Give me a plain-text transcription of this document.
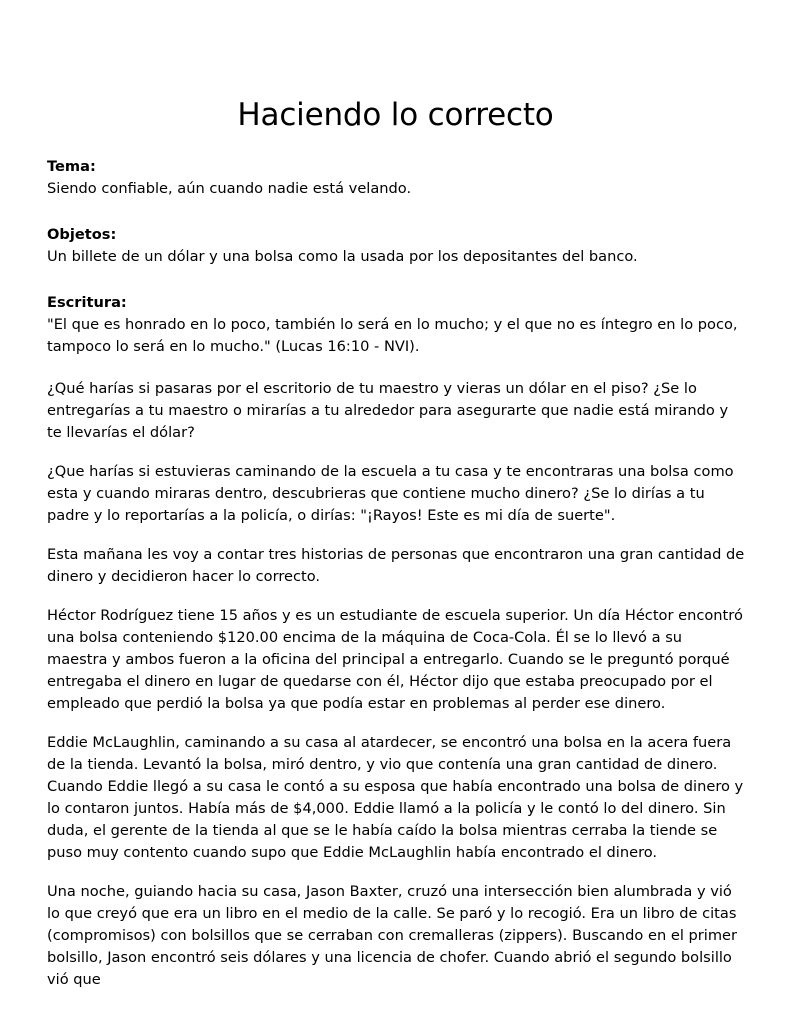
Haciendo lo correcto
Tema:
Siendo confiable, aún cuando nadie está velando.
Objetos:
Un billete de un dólar y una bolsa como la usada por los depositantes del banco.
Escritura:
"El que es honrado en lo poco, también lo será en lo mucho; y el que no es íntegro en lo poco, tampoco lo será en lo mucho." (Lucas 16:10 - NVI).

¿Qué harías si pasaras por el escritorio de tu maestro y vieras un dólar en el piso? ¿Se lo entregarías a tu maestro o mirarías a tu alrededor para asegurarte que nadie está mirando y te llevarías el dólar?

¿Que harías si estuvieras caminando de la escuela a tu casa y te encontraras una bolsa como esta y cuando miraras dentro, descubrieras que contiene mucho dinero? ¿Se lo dirías a tu padre y lo reportarías a la policía, o dirías: "¡Rayos! Este es mi día de suerte".

Esta mañana les voy a contar tres historias de personas que encontraron una gran cantidad de dinero y decidieron hacer lo correcto.

Héctor Rodríguez tiene 15 años y es un estudiante de escuela superior. Un día Héctor encontró una bolsa conteniendo $120.00 encima de la máquina de Coca-Cola. Él se lo llevó a su maestra y ambos fueron a la oficina del principal a entregarlo. Cuando se le preguntó porqué entregaba el dinero en lugar de quedarse con él, Héctor dijo que estaba preocupado por el empleado que perdió la bolsa ya que podía estar en problemas al perder ese dinero.

Eddie McLaughlin, caminando a su casa al atardecer, se encontró una bolsa en la acera fuera de la tienda. Levantó la bolsa, miró dentro, y vio que contenía una gran cantidad de dinero. Cuando Eddie llegó a su casa le contó a su esposa que había encontrado una bolsa de dinero y lo contaron juntos. Había más de $4,000. Eddie llamó a la policía y le contó lo del dinero. Sin duda, el gerente de la tienda al que se le había caído la bolsa mientras cerraba la tiende se puso muy contento cuando supo que Eddie McLaughlin había encontrado el dinero.

Una noche, guiando hacia su casa, Jason Baxter, cruzó una intersección bien alumbrada y vió lo que creyó que era un libro en el medio de la calle. Se paró y lo recogió. Era un libro de citas (compromisos) con bolsillos que se cerraban con cremalleras (zippers). Buscando en el primer bolsillo, Jason encontró seis dólares y una licencia de chofer. Cuando abrió el segundo bolsillo vió que
